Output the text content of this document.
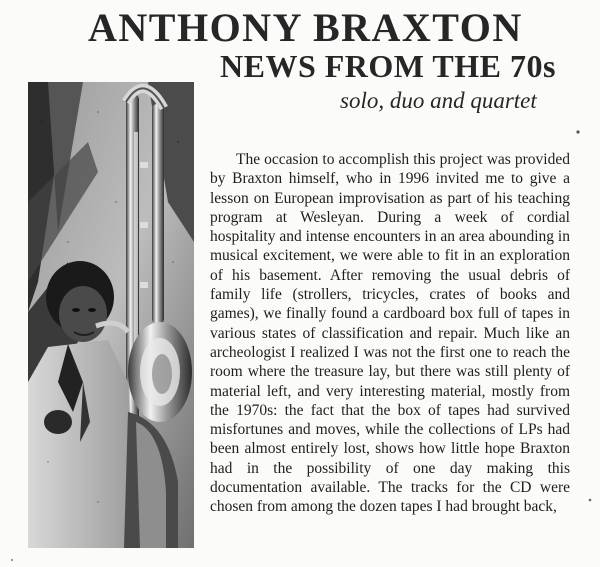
ANTHONY BRAXTON
NEWS FROM THE 70s
solo, duo and quartet

The occasion to accomplish this project was provided by Braxton himself, who in 1996 invited me to give a lesson on European improvisation as part of his teaching program at Wesleyan. During a week of cordial hospitality and intense encounters in an area abounding in musical excitement, we were able to fit in an exploration of his basement. After removing the usual debris of family life (strollers, tricycles, crates of books and games), we finally found a cardboard box full of tapes in various states of classification and repair. Much like an archeologist I realized I was not the first one to reach the room where the treasure lay, but there was still plenty of material left, and very interesting material, mostly from the 1970s: the fact that the box of tapes had survived misfortunes and moves, while the collections of LPs had been almost entirely lost, shows how little hope Braxton had in the possibility of one day making this documentation available. The tracks for the CD were chosen from among the dozen tapes I had brought back,
